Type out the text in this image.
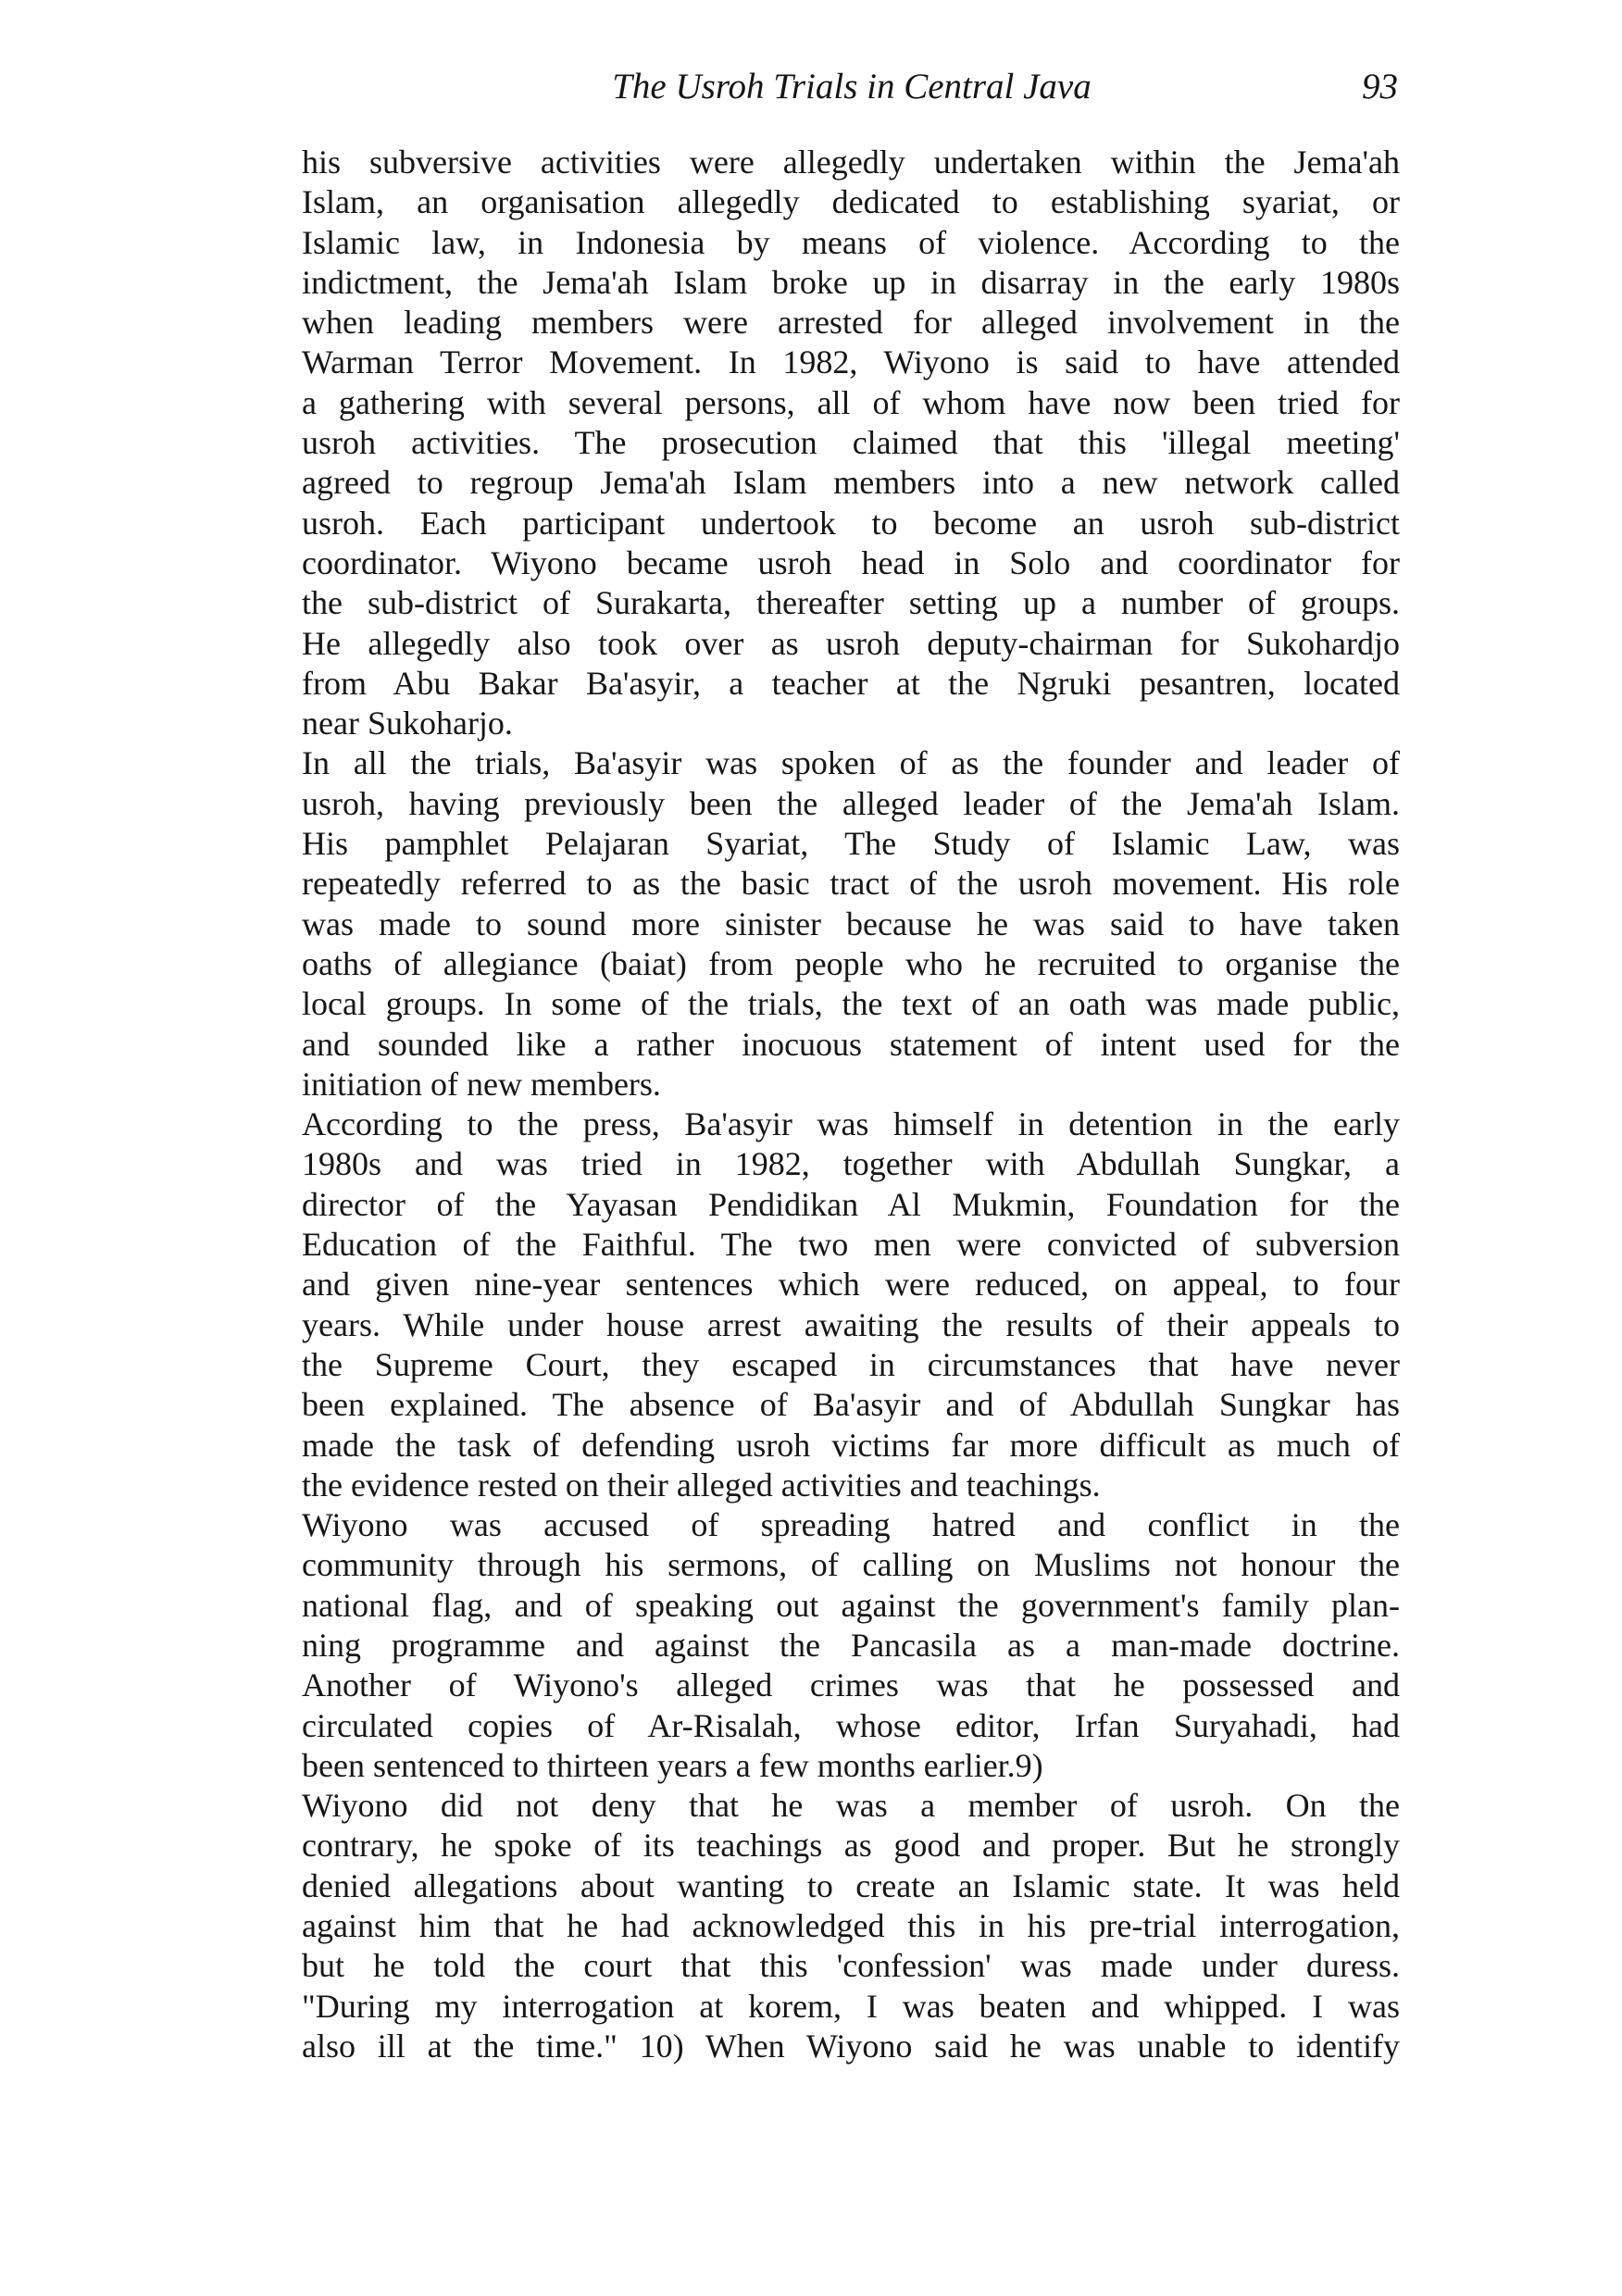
The Usroh Trials in Central Java	93
his subversive activities were allegedly undertaken within the Jema'ah
Islam, an organisation allegedly dedicated to establishing syariat, or
Islamic law, in Indonesia by means of violence. According to the
indictment, the Jema'ah Islam broke up in disarray in the early 1980s
when leading members were arrested for alleged involvement in the
Warman Terror Movement. In 1982, Wiyono is said to have attended
a gathering with several persons, all of whom have now been tried for
usroh activities. The prosecution claimed that this 'illegal meeting'
agreed to regroup Jema'ah Islam members into a new network called
usroh. Each participant undertook to become an usroh sub-district
coordinator. Wiyono became usroh head in Solo and coordinator for
the sub-district of Surakarta, thereafter setting up a number of groups.
He allegedly also took over as usroh deputy-chairman for Sukohardjo
from Abu Bakar Ba'asyir, a teacher at the Ngruki pesantren, located
near Sukoharjo.
In all the trials, Ba'asyir was spoken of as the founder and leader of
usroh, having previously been the alleged leader of the Jema'ah Islam.
His pamphlet Pelajaran Syariat, The Study of Islamic Law, was
repeatedly referred to as the basic tract of the usroh movement. His role
was made to sound more sinister because he was said to have taken
oaths of allegiance (baiat) from people who he recruited to organise the
local groups. In some of the trials, the text of an oath was made public,
and sounded like a rather inocuous statement of intent used for the
initiation of new members.
According to the press, Ba'asyir was himself in detention in the early
1980s and was tried in 1982, together with Abdullah Sungkar, a
director of the Yayasan Pendidikan Al Mukmin, Foundation for the
Education of the Faithful. The two men were convicted of subversion
and given nine-year sentences which were reduced, on appeal, to four
years. While under house arrest awaiting the results of their appeals to
the Supreme Court, they escaped in circumstances that have never
been explained. The absence of Ba'asyir and of Abdullah Sungkar has
made the task of defending usroh victims far more difficult as much of
the evidence rested on their alleged activities and teachings.
Wiyono was accused of spreading hatred and conflict in the
community through his sermons, of calling on Muslims not honour the
national flag, and of speaking out against the government's family plan-
ning programme and against the Pancasila as a man-made doctrine.
Another of Wiyono's alleged crimes was that he possessed and
circulated copies of Ar-Risalah, whose editor, Irfan Suryahadi, had
been sentenced to thirteen years a few months earlier.9)
Wiyono did not deny that he was a member of usroh. On the
contrary, he spoke of its teachings as good and proper. But he strongly
denied allegations about wanting to create an Islamic state. It was held
against him that he had acknowledged this in his pre-trial interrogation,
but he told the court that this 'confession' was made under duress.
"During my interrogation at korem, I was beaten and whipped. I was
also ill at the time." 10) When Wiyono said he was unable to identify
